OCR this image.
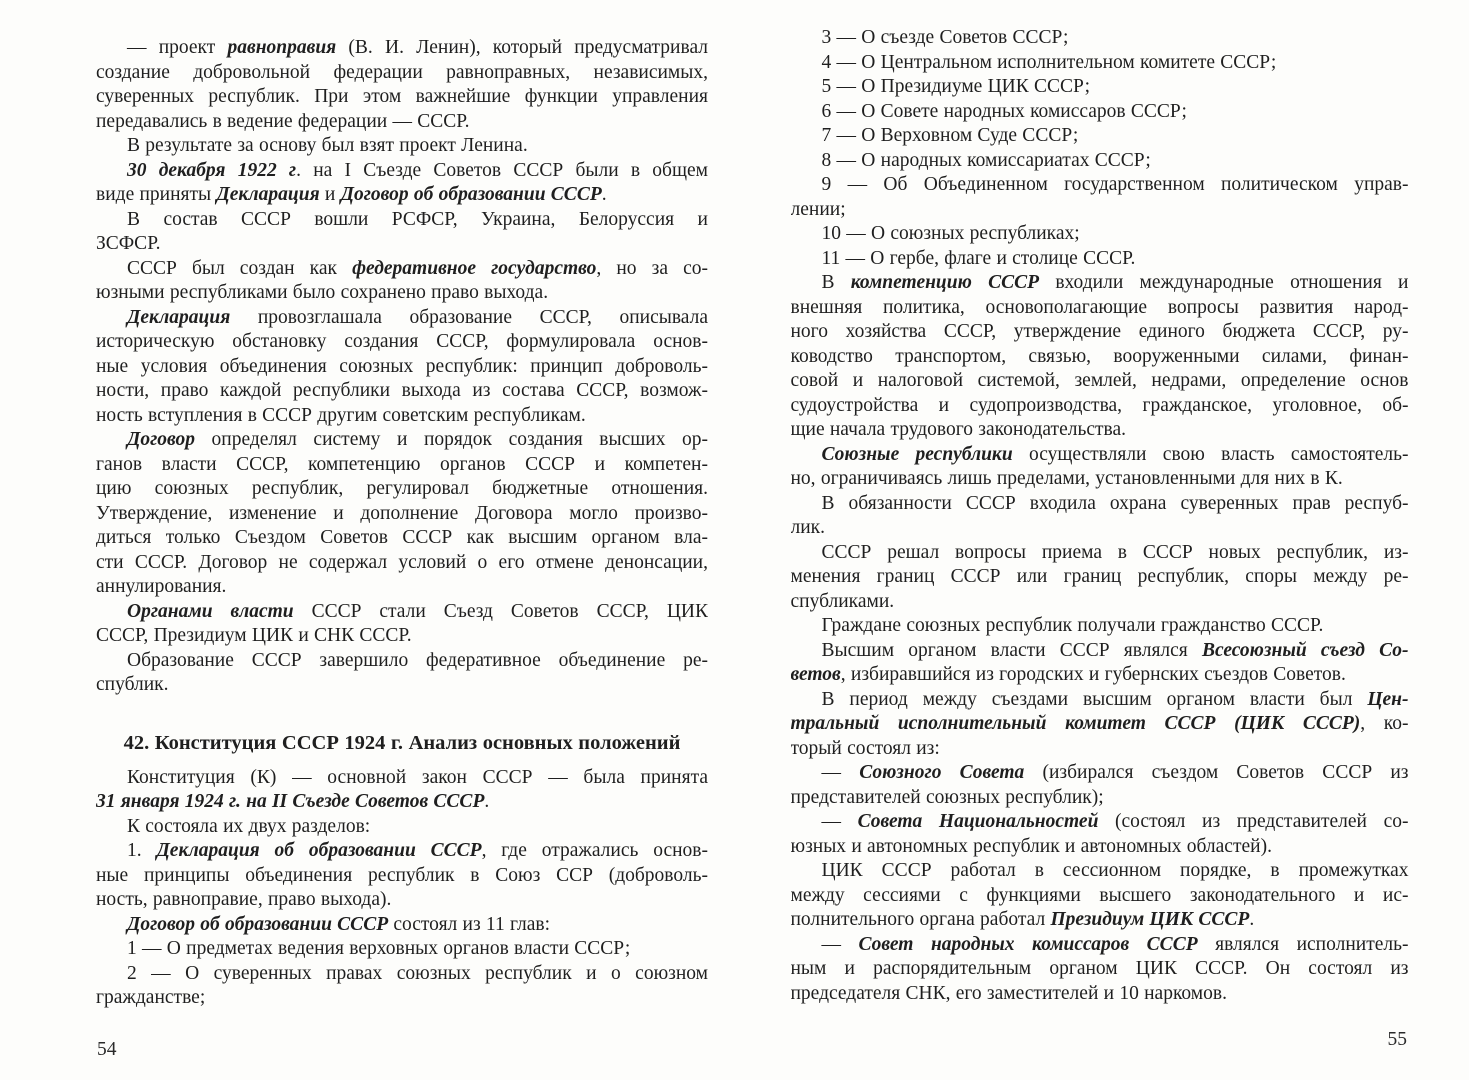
— проект равноправия (В. И. Ленин), который предусматривал
создание добровольной федерации равноправных, независимых,
суверенных республик. При этом важнейшие функции управления
передавались в ведение федерации — СССР.
В результате за основу был взят проект Ленина.
30 декабря 1922 г. на I Съезде Советов СССР были в общем
виде приняты Декларация и Договор об образовании СССР.
В состав СССР вошли РСФСР, Украина, Белоруссия и
ЗСФСР.
СССР был создан как федеративное государство, но за со-
юзными республиками было сохранено право выхода.
Декларация провозглашала образование СССР, описывала
историческую обстановку создания СССР, формулировала основ-
ные условия объединения союзных республик: принцип доброволь-
ности, право каждой республики выхода из состава СССР, возмож-
ность вступления в СССР другим советским республикам.
Договор определял систему и порядок создания высших ор-
ганов власти СССР, компетенцию органов СССР и компетен-
цию союзных республик, регулировал бюджетные отношения.
Утверждение, изменение и дополнение Договора могло произво-
диться только Съездом Советов СССР как высшим органом вла-
сти СССР. Договор не содержал условий о его отмене денонсации,
аннулирования.
Органами власти СССР стали Съезд Советов СССР, ЦИК
СССР, Президиум ЦИК и СНК СССР.
Образование СССР завершило федеративное объединение ре-
спублик.
42. Конституция СССР 1924 г. Анализ основных положений
Конституция (К) — основной закон СССР — была принята
31 января 1924 г. на II Съезде Советов СССР.
К состояла их двух разделов:
1. Декларация об образовании СССР, где отражались основ-
ные принципы объединения республик в Союз ССР (доброволь-
ность, равноправие, право выхода).
Договор об образовании СССР состоял из 11 глав:
1 — О предметах ведения верховных органов власти СССР;
2 — О суверенных правах союзных республик и о союзном
гражданстве;
54
3 — О съезде Советов СССР;
4 — О Центральном исполнительном комитете СССР;
5 — О Президиуме ЦИК СССР;
6 — О Совете народных комиссаров СССР;
7 — О Верховном Суде СССР;
8 — О народных комиссариатах СССР;
9 — Об Объединенном государственном политическом управ-
лении;
10 — О союзных республиках;
11 — О гербе, флаге и столице СССР.
В компетенцию СССР входили международные отношения и
внешняя политика, основополагающие вопросы развития народ-
ного хозяйства СССР, утверждение единого бюджета СССР, ру-
ководство транспортом, связью, вооруженными силами, финан-
совой и налоговой системой, землей, недрами, определение основ
судоустройства и судопроизводства, гражданское, уголовное, об-
щие начала трудового законодательства.
Союзные республики осуществляли свою власть самостоятель-
но, ограничиваясь лишь пределами, установленными для них в К.
В обязанности СССР входила охрана суверенных прав респуб-
лик.
СССР решал вопросы приема в СССР новых республик, из-
менения границ СССР или границ республик, споры между ре-
спубликами.
Граждане союзных республик получали гражданство СССР.
Высшим органом власти СССР являлся Всесоюзный съезд Со-
ветов, избиравшийся из городских и губернских съездов Советов.
В период между съездами высшим органом власти был Цен-
тральный исполнительный комитет СССР (ЦИК СССР), ко-
торый состоял из:
— Союзного Совета (избирался съездом Советов СССР из
представителей союзных республик);
— Совета Национальностей (состоял из представителей со-
юзных и автономных республик и автономных областей).
ЦИК СССР работал в сессионном порядке, в промежутках
между сессиями с функциями высшего законодательного и ис-
полнительного органа работал Президиум ЦИК СССР.
— Совет народных комиссаров СССР являлся исполнитель-
ным и распорядительным органом ЦИК СССР. Он состоял из
председателя СНК, его заместителей и 10 наркомов.
55
